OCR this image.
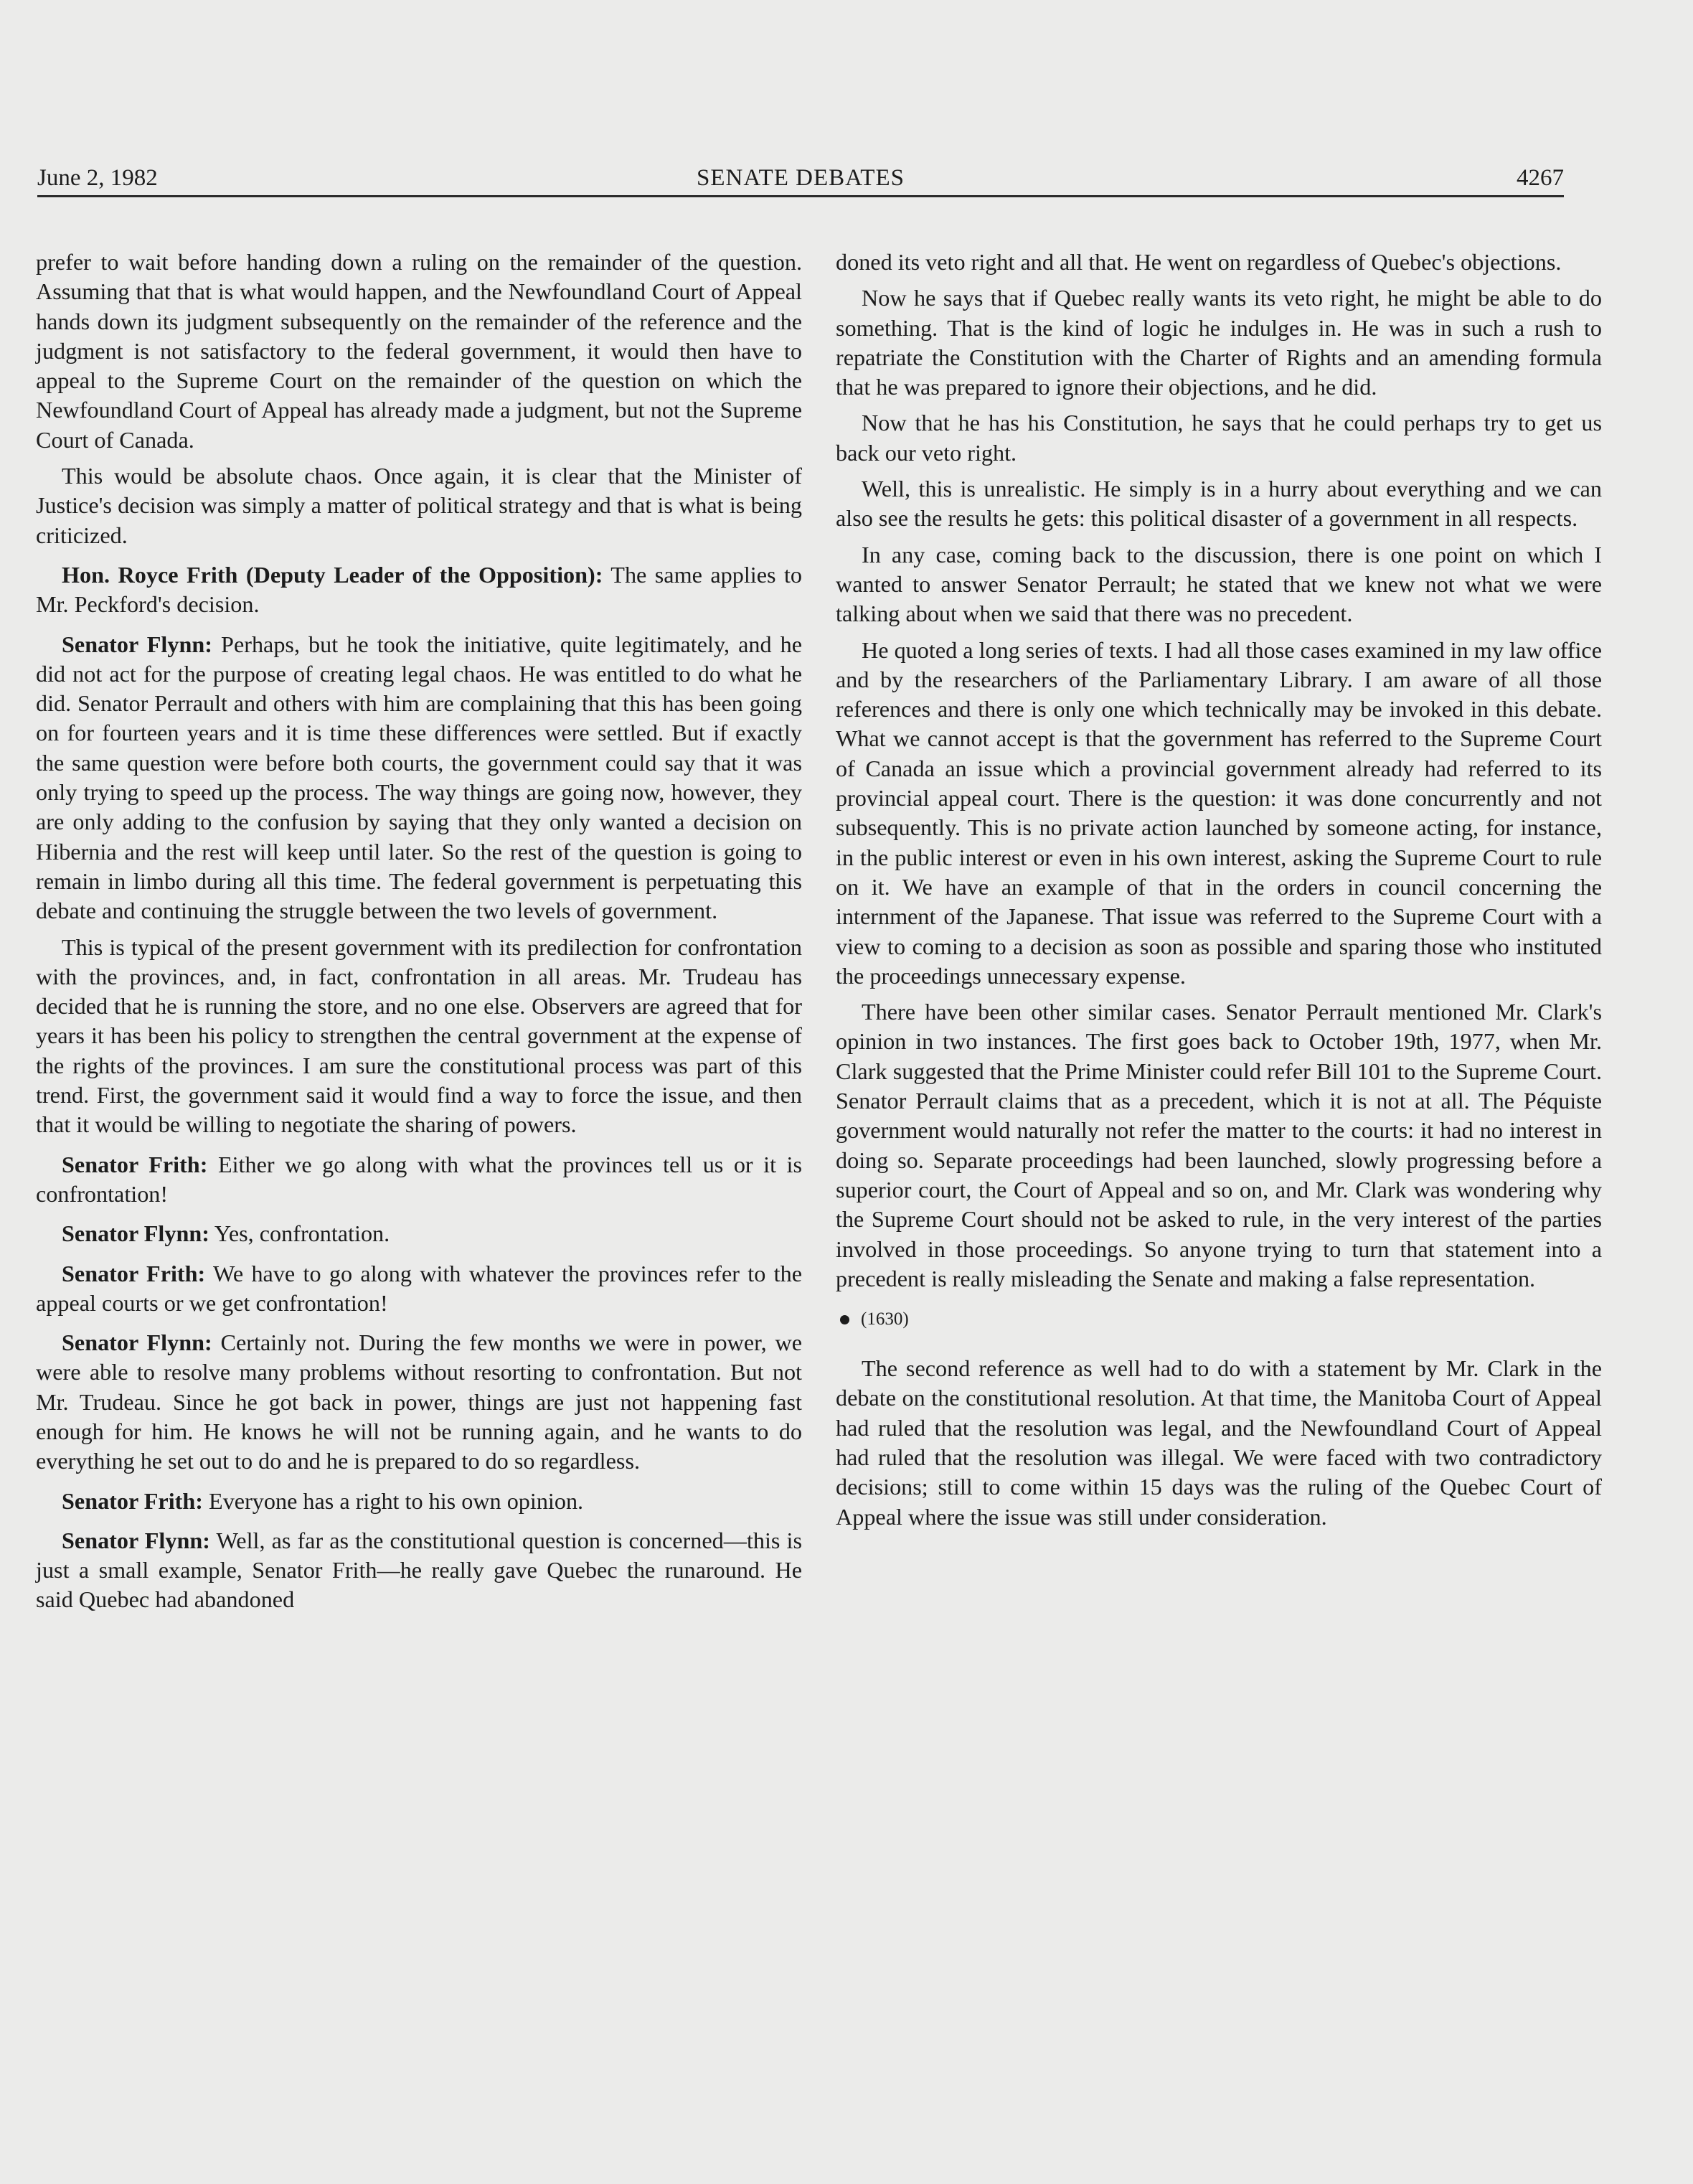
June 2, 1982	SENATE DEBATES	4267

prefer to wait before handing down a ruling on the remainder of the question. Assuming that that is what would happen, and the Newfoundland Court of Appeal hands down its judgment subsequently on the remainder of the reference and the judgment is not satisfactory to the federal government, it would then have to appeal to the Supreme Court on the remainder of the question on which the Newfoundland Court of Appeal has already made a judgment, but not the Supreme Court of Canada.

This would be absolute chaos. Once again, it is clear that the Minister of Justice's decision was simply a matter of political strategy and that is what is being criticized.

Hon. Royce Frith (Deputy Leader of the Opposition): The same applies to Mr. Peckford's decision.

Senator Flynn: Perhaps, but he took the initiative, quite legitimately, and he did not act for the purpose of creating legal chaos. He was entitled to do what he did. Senator Perrault and others with him are complaining that this has been going on for fourteen years and it is time these differences were settled. But if exactly the same question were before both courts, the government could say that it was only trying to speed up the process. The way things are going now, however, they are only adding to the confusion by saying that they only wanted a decision on Hibernia and the rest will keep until later. So the rest of the question is going to remain in limbo during all this time. The federal government is perpetuating this debate and continuing the struggle between the two levels of government.

This is typical of the present government with its predilection for confrontation with the provinces, and, in fact, confrontation in all areas. Mr. Trudeau has decided that he is running the store, and no one else. Observers are agreed that for years it has been his policy to strengthen the central government at the expense of the rights of the provinces. I am sure the constitutional process was part of this trend. First, the government said it would find a way to force the issue, and then that it would be willing to negotiate the sharing of powers.

Senator Frith: Either we go along with what the provinces tell us or it is confrontation!

Senator Flynn: Yes, confrontation.

Senator Frith: We have to go along with whatever the provinces refer to the appeal courts or we get confrontation!

Senator Flynn: Certainly not. During the few months we were in power, we were able to resolve many problems without resorting to confrontation. But not Mr. Trudeau. Since he got back in power, things are just not happening fast enough for him. He knows he will not be running again, and he wants to do everything he set out to do and he is prepared to do so regardless.

Senator Frith: Everyone has a right to his own opinion.

Senator Flynn: Well, as far as the constitutional question is concerned—this is just a small example, Senator Frith—he really gave Quebec the runaround. He said Quebec had abandoned

doned its veto right and all that. He went on regardless of Quebec's objections.

Now he says that if Quebec really wants its veto right, he might be able to do something. That is the kind of logic he indulges in. He was in such a rush to repatriate the Constitution with the Charter of Rights and an amending formula that he was prepared to ignore their objections, and he did.

Now that he has his Constitution, he says that he could perhaps try to get us back our veto right.

Well, this is unrealistic. He simply is in a hurry about everything and we can also see the results he gets: this political disaster of a government in all respects.

In any case, coming back to the discussion, there is one point on which I wanted to answer Senator Perrault; he stated that we knew not what we were talking about when we said that there was no precedent.

He quoted a long series of texts. I had all those cases examined in my law office and by the researchers of the Parliamentary Library. I am aware of all those references and there is only one which technically may be invoked in this debate. What we cannot accept is that the government has referred to the Supreme Court of Canada an issue which a provincial government already had referred to its provincial appeal court. There is the question: it was done concurrently and not subsequently. This is no private action launched by someone acting, for instance, in the public interest or even in his own interest, asking the Supreme Court to rule on it. We have an example of that in the orders in council concerning the internment of the Japanese. That issue was referred to the Supreme Court with a view to coming to a decision as soon as possible and sparing those who instituted the proceedings unnecessary expense.

There have been other similar cases. Senator Perrault mentioned Mr. Clark's opinion in two instances. The first goes back to October 19th, 1977, when Mr. Clark suggested that the Prime Minister could refer Bill 101 to the Supreme Court. Senator Perrault claims that as a precedent, which it is not at all. The Péquiste government would naturally not refer the matter to the courts: it had no interest in doing so. Separate proceedings had been launched, slowly progressing before a superior court, the Court of Appeal and so on, and Mr. Clark was wondering why the Supreme Court should not be asked to rule, in the very interest of the parties involved in those proceedings. So anyone trying to turn that statement into a precedent is really misleading the Senate and making a false representation.

(1630)

The second reference as well had to do with a statement by Mr. Clark in the debate on the constitutional resolution. At that time, the Manitoba Court of Appeal had ruled that the resolution was legal, and the Newfoundland Court of Appeal had ruled that the resolution was illegal. We were faced with two contradictory decisions; still to come within 15 days was the ruling of the Quebec Court of Appeal where the issue was still under consideration.
